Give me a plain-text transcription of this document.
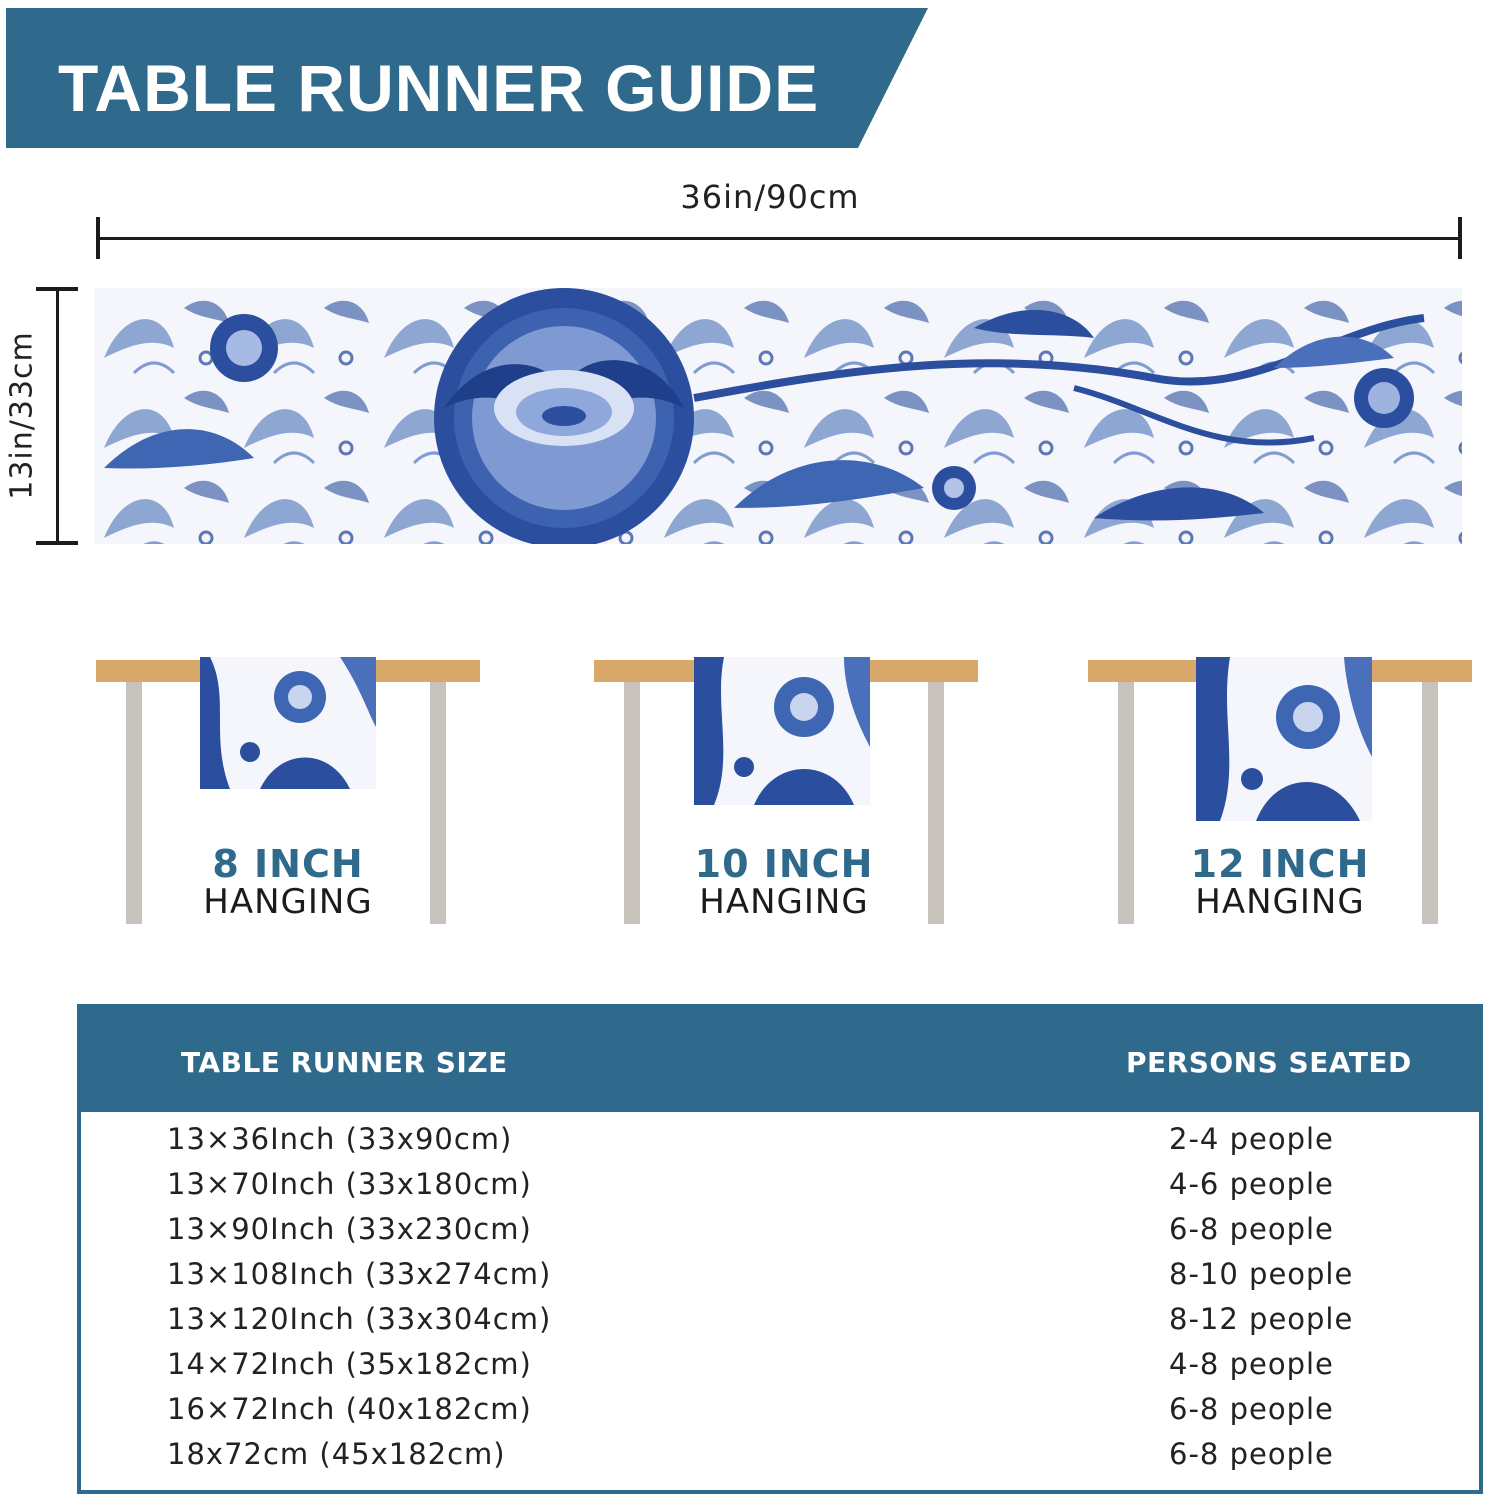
TABLE RUNNER GUIDE
36in/90cm
13in/33cm
8 INCH
HANGING
10 INCH
HANGING
12 INCH
HANGING
TABLE RUNNER SIZE	PERSONS SEATED
13×36Inch (33x90cm)	2-4 people
13×70Inch (33x180cm)	4-6 people
13×90Inch (33x230cm)	6-8 people
13×108Inch (33x274cm)	8-10 people
13×120Inch (33x304cm)	8-12 people
14×72Inch (35x182cm)	4-8 people
16×72Inch (40x182cm)	6-8 people
18x72cm (45x182cm)	6-8 people
